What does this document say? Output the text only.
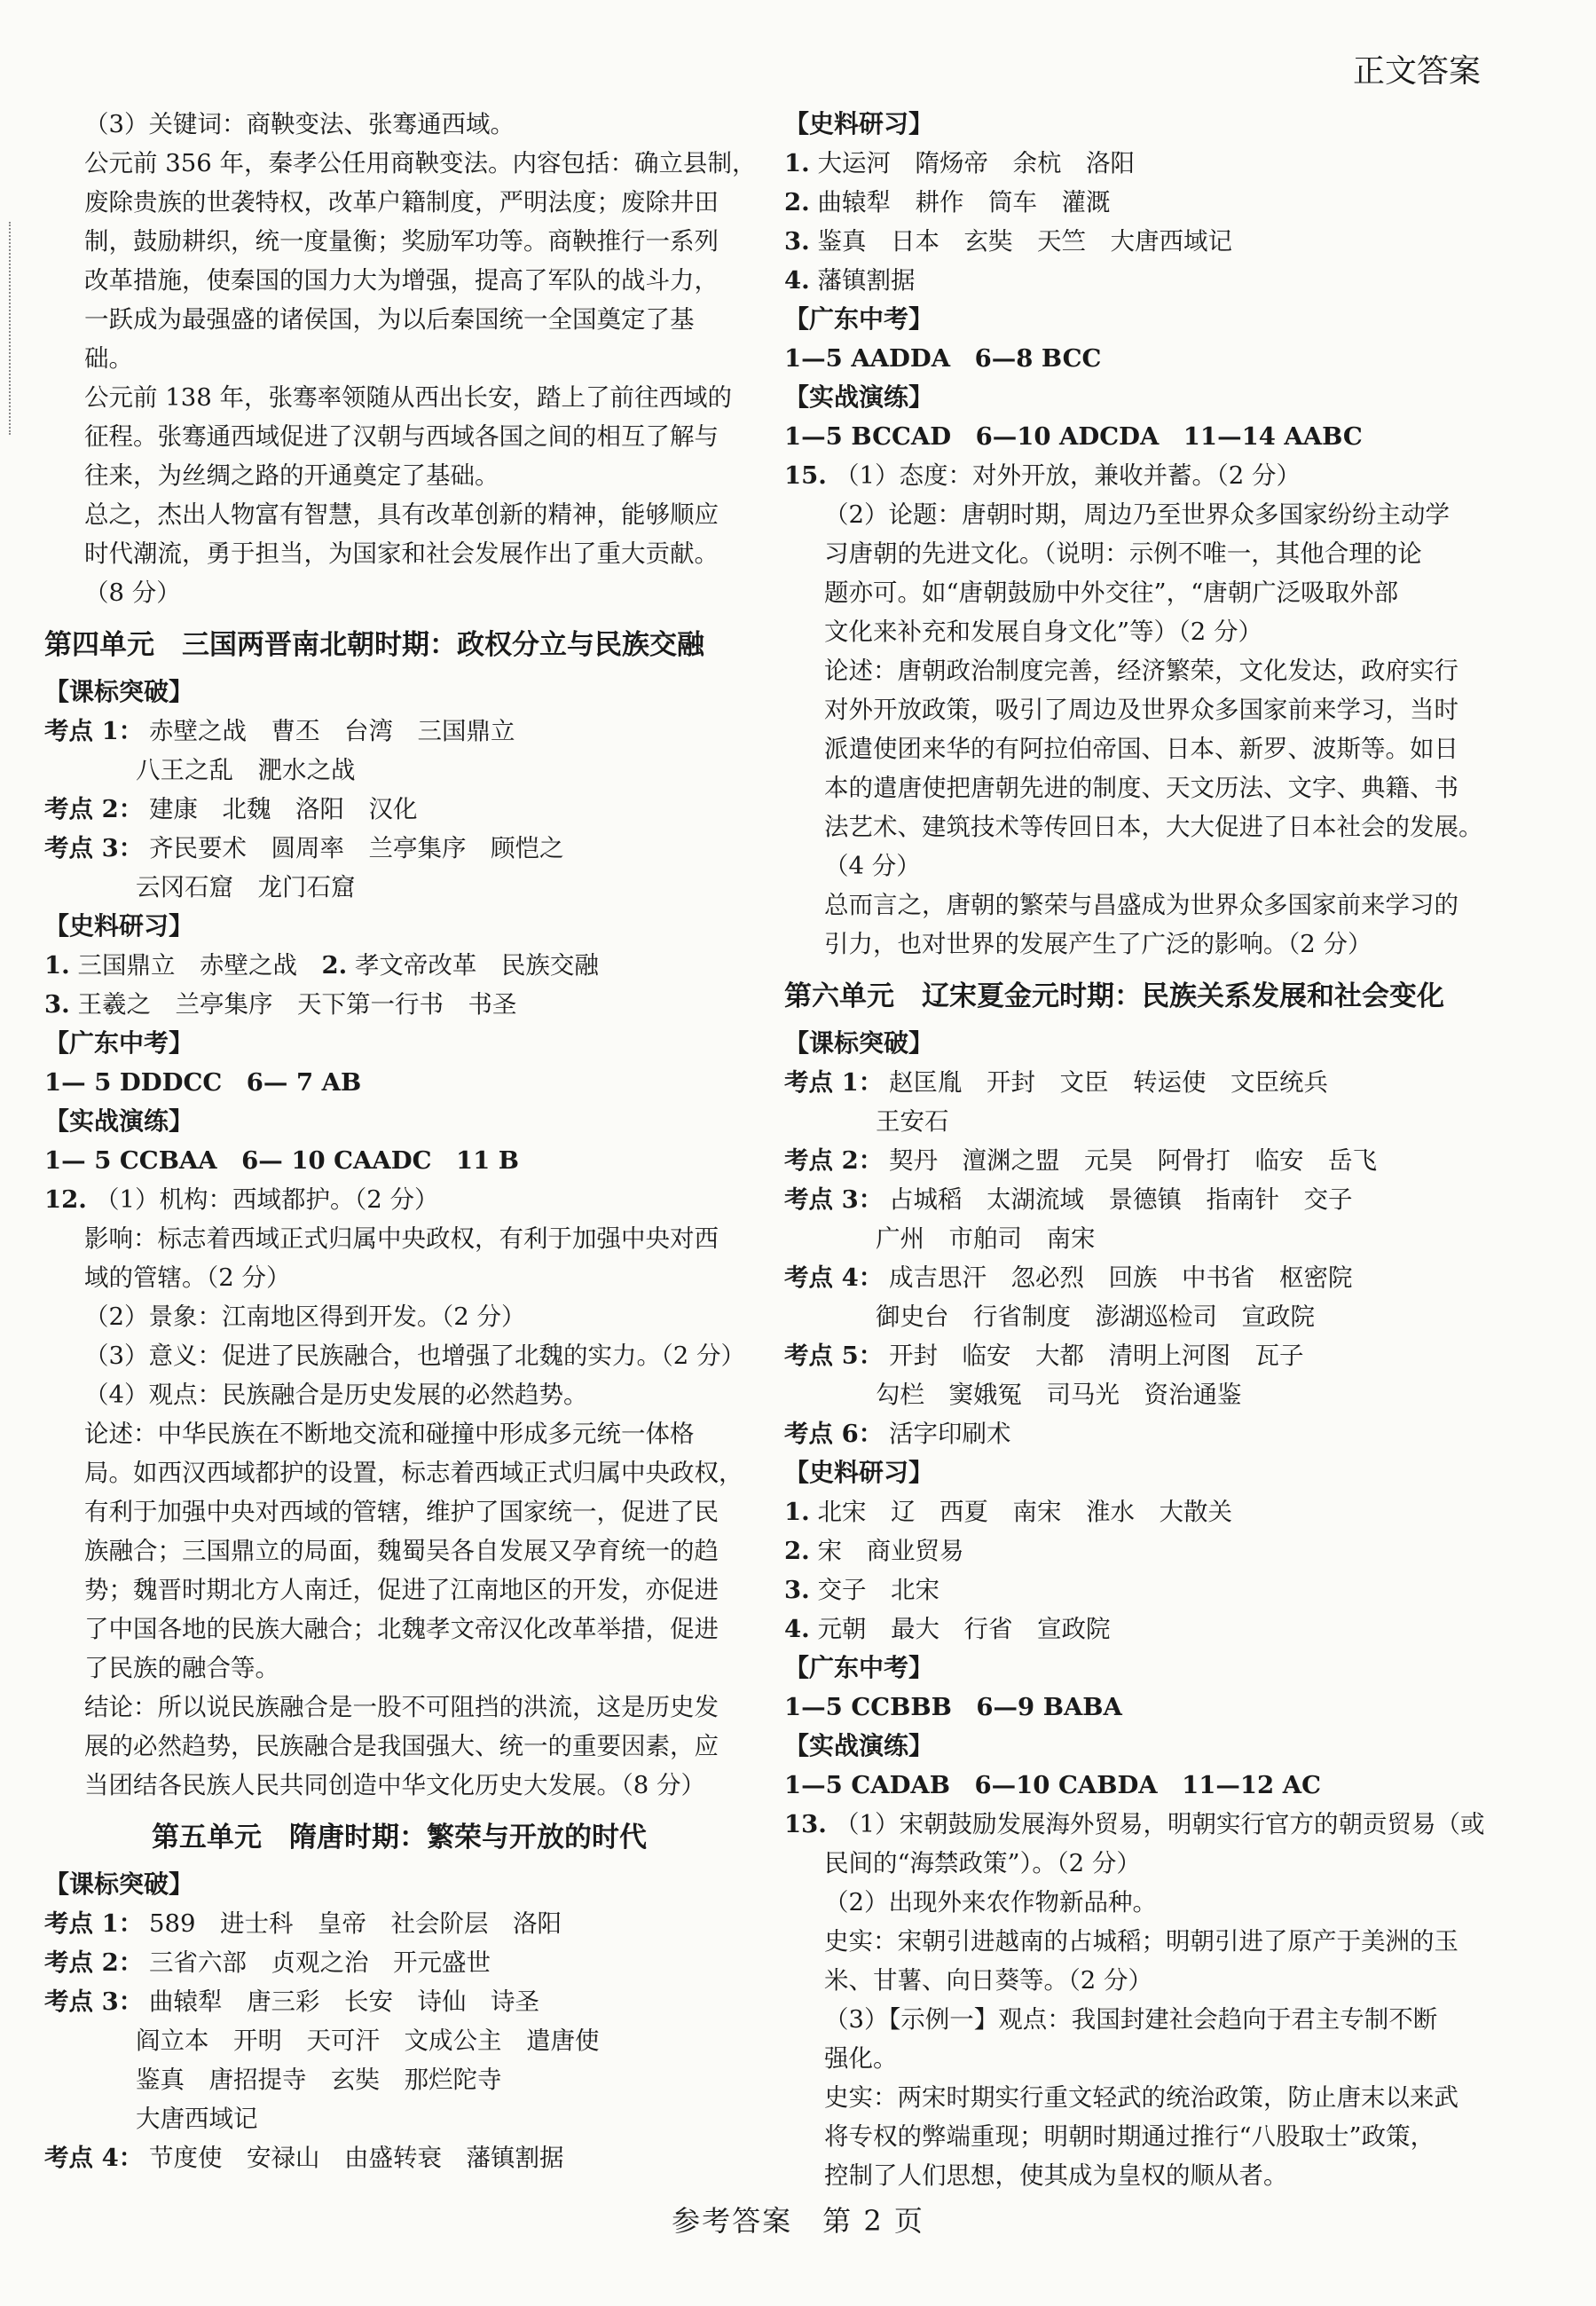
正文答案
（3）关键词：商鞅变法、张骞通西域。
公元前 356 年，秦孝公任用商鞅变法。内容包括：确立县制，
废除贵族的世袭特权，改革户籍制度，严明法度；废除井田
制，鼓励耕织，统一度量衡；奖励军功等。商鞅推行一系列
改革措施，使秦国的国力大为增强，提高了军队的战斗力，
一跃成为最强盛的诸侯国，为以后秦国统一全国奠定了基
础。
公元前 138 年，张骞率领随从西出长安，踏上了前往西域的
征程。张骞通西域促进了汉朝与西域各国之间的相互了解与
往来，为丝绸之路的开通奠定了基础。
总之，杰出人物富有智慧，具有改革创新的精神，能够顺应
时代潮流，勇于担当，为国家和社会发展作出了重大贡献。
（8 分）
第四单元　三国两晋南北朝时期：政权分立与民族交融
【课标突破】
考点 1： 赤壁之战　曹丕　台湾　三国鼎立
八王之乱　淝水之战
考点 2： 建康　北魏　洛阳　汉化
考点 3： 齐民要术　圆周率　兰亭集序　顾恺之
云冈石窟　龙门石窟
【史料研习】
1. 三国鼎立　赤壁之战　2. 孝文帝改革　民族交融
3. 王羲之　兰亭集序　天下第一行书　书圣
【广东中考】
1— 5 DDDCC　6— 7 AB
【实战演练】
1— 5 CCBAA　6— 10 CAADC　11 B
12. （1）机构：西域都护。（2 分）
影响：标志着西域正式归属中央政权，有利于加强中央对西
域的管辖。（2 分）
（2）景象：江南地区得到开发。（2 分）
（3）意义：促进了民族融合，也增强了北魏的实力。（2 分）
（4）观点：民族融合是历史发展的必然趋势。
论述：中华民族在不断地交流和碰撞中形成多元统一体格
局。如西汉西域都护的设置，标志着西域正式归属中央政权，
有利于加强中央对西域的管辖，维护了国家统一，促进了民
族融合；三国鼎立的局面，魏蜀吴各自发展又孕育统一的趋
势；魏晋时期北方人南迁，促进了江南地区的开发，亦促进
了中国各地的民族大融合；北魏孝文帝汉化改革举措，促进
了民族的融合等。
结论：所以说民族融合是一股不可阻挡的洪流，这是历史发
展的必然趋势，民族融合是我国强大、统一的重要因素，应
当团结各民族人民共同创造中华文化历史大发展。（8 分）
第五单元　隋唐时期：繁荣与开放的时代
【课标突破】
考点 1： 589　进士科　皇帝　社会阶层　洛阳
考点 2： 三省六部　贞观之治　开元盛世
考点 3： 曲辕犁　唐三彩　长安　诗仙　诗圣
阎立本　开明　天可汗　文成公主　遣唐使
鉴真　唐招提寺　玄奘　那烂陀寺
大唐西域记
考点 4： 节度使　安禄山　由盛转衰　藩镇割据
【史料研习】
1. 大运河　隋炀帝　余杭　洛阳
2. 曲辕犁　耕作　筒车　灌溉
3. 鉴真　日本　玄奘　天竺　大唐西域记
4. 藩镇割据
【广东中考】
1—5 AADDA　6—8 BCC
【实战演练】
1—5 BCCAD　6—10 ADCDA　11—14 AABC
15. （1）态度：对外开放，兼收并蓄。（2 分）
（2）论题：唐朝时期，周边乃至世界众多国家纷纷主动学
习唐朝的先进文化。（说明：示例不唯一，其他合理的论
题亦可。如“唐朝鼓励中外交往”，“唐朝广泛吸取外部
文化来补充和发展自身文化”等）（2 分）
论述：唐朝政治制度完善，经济繁荣，文化发达，政府实行
对外开放政策，吸引了周边及世界众多国家前来学习，当时
派遣使团来华的有阿拉伯帝国、日本、新罗、波斯等。如日
本的遣唐使把唐朝先进的制度、天文历法、文字、典籍、书
法艺术、建筑技术等传回日本，大大促进了日本社会的发展。
（4 分）
总而言之，唐朝的繁荣与昌盛成为世界众多国家前来学习的
引力，也对世界的发展产生了广泛的影响。（2 分）
第六单元　辽宋夏金元时期：民族关系发展和社会变化
【课标突破】
考点 1： 赵匡胤　开封　文臣　转运使　文臣统兵
王安石
考点 2： 契丹　澶渊之盟　元昊　阿骨打　临安　岳飞
考点 3： 占城稻　太湖流域　景德镇　指南针　交子
广州　市舶司　南宋
考点 4： 成吉思汗　忽必烈　回族　中书省　枢密院
御史台　行省制度　澎湖巡检司　宣政院
考点 5： 开封　临安　大都　清明上河图　瓦子
勾栏　窦娥冤　司马光　资治通鉴
考点 6： 活字印刷术
【史料研习】
1. 北宋　辽　西夏　南宋　淮水　大散关
2. 宋　商业贸易
3. 交子　北宋
4. 元朝　最大　行省　宣政院
【广东中考】
1—5 CCBBB　6—9 BABA
【实战演练】
1—5 CADAB　6—10 CABDA　11—12 AC
13. （1）宋朝鼓励发展海外贸易，明朝实行官方的朝贡贸易（或
民间的“海禁政策”）。（2 分）
（2）出现外来农作物新品种。
史实：宋朝引进越南的占城稻；明朝引进了原产于美洲的玉
米、甘薯、向日葵等。（2 分）
（3）【示例一】观点：我国封建社会趋向于君主专制不断
强化。
史实：两宋时期实行重文轻武的统治政策，防止唐末以来武
将专权的弊端重现；明朝时期通过推行“八股取士”政策，
控制了人们思想，使其成为皇权的顺从者。
参考答案　第 2 页
